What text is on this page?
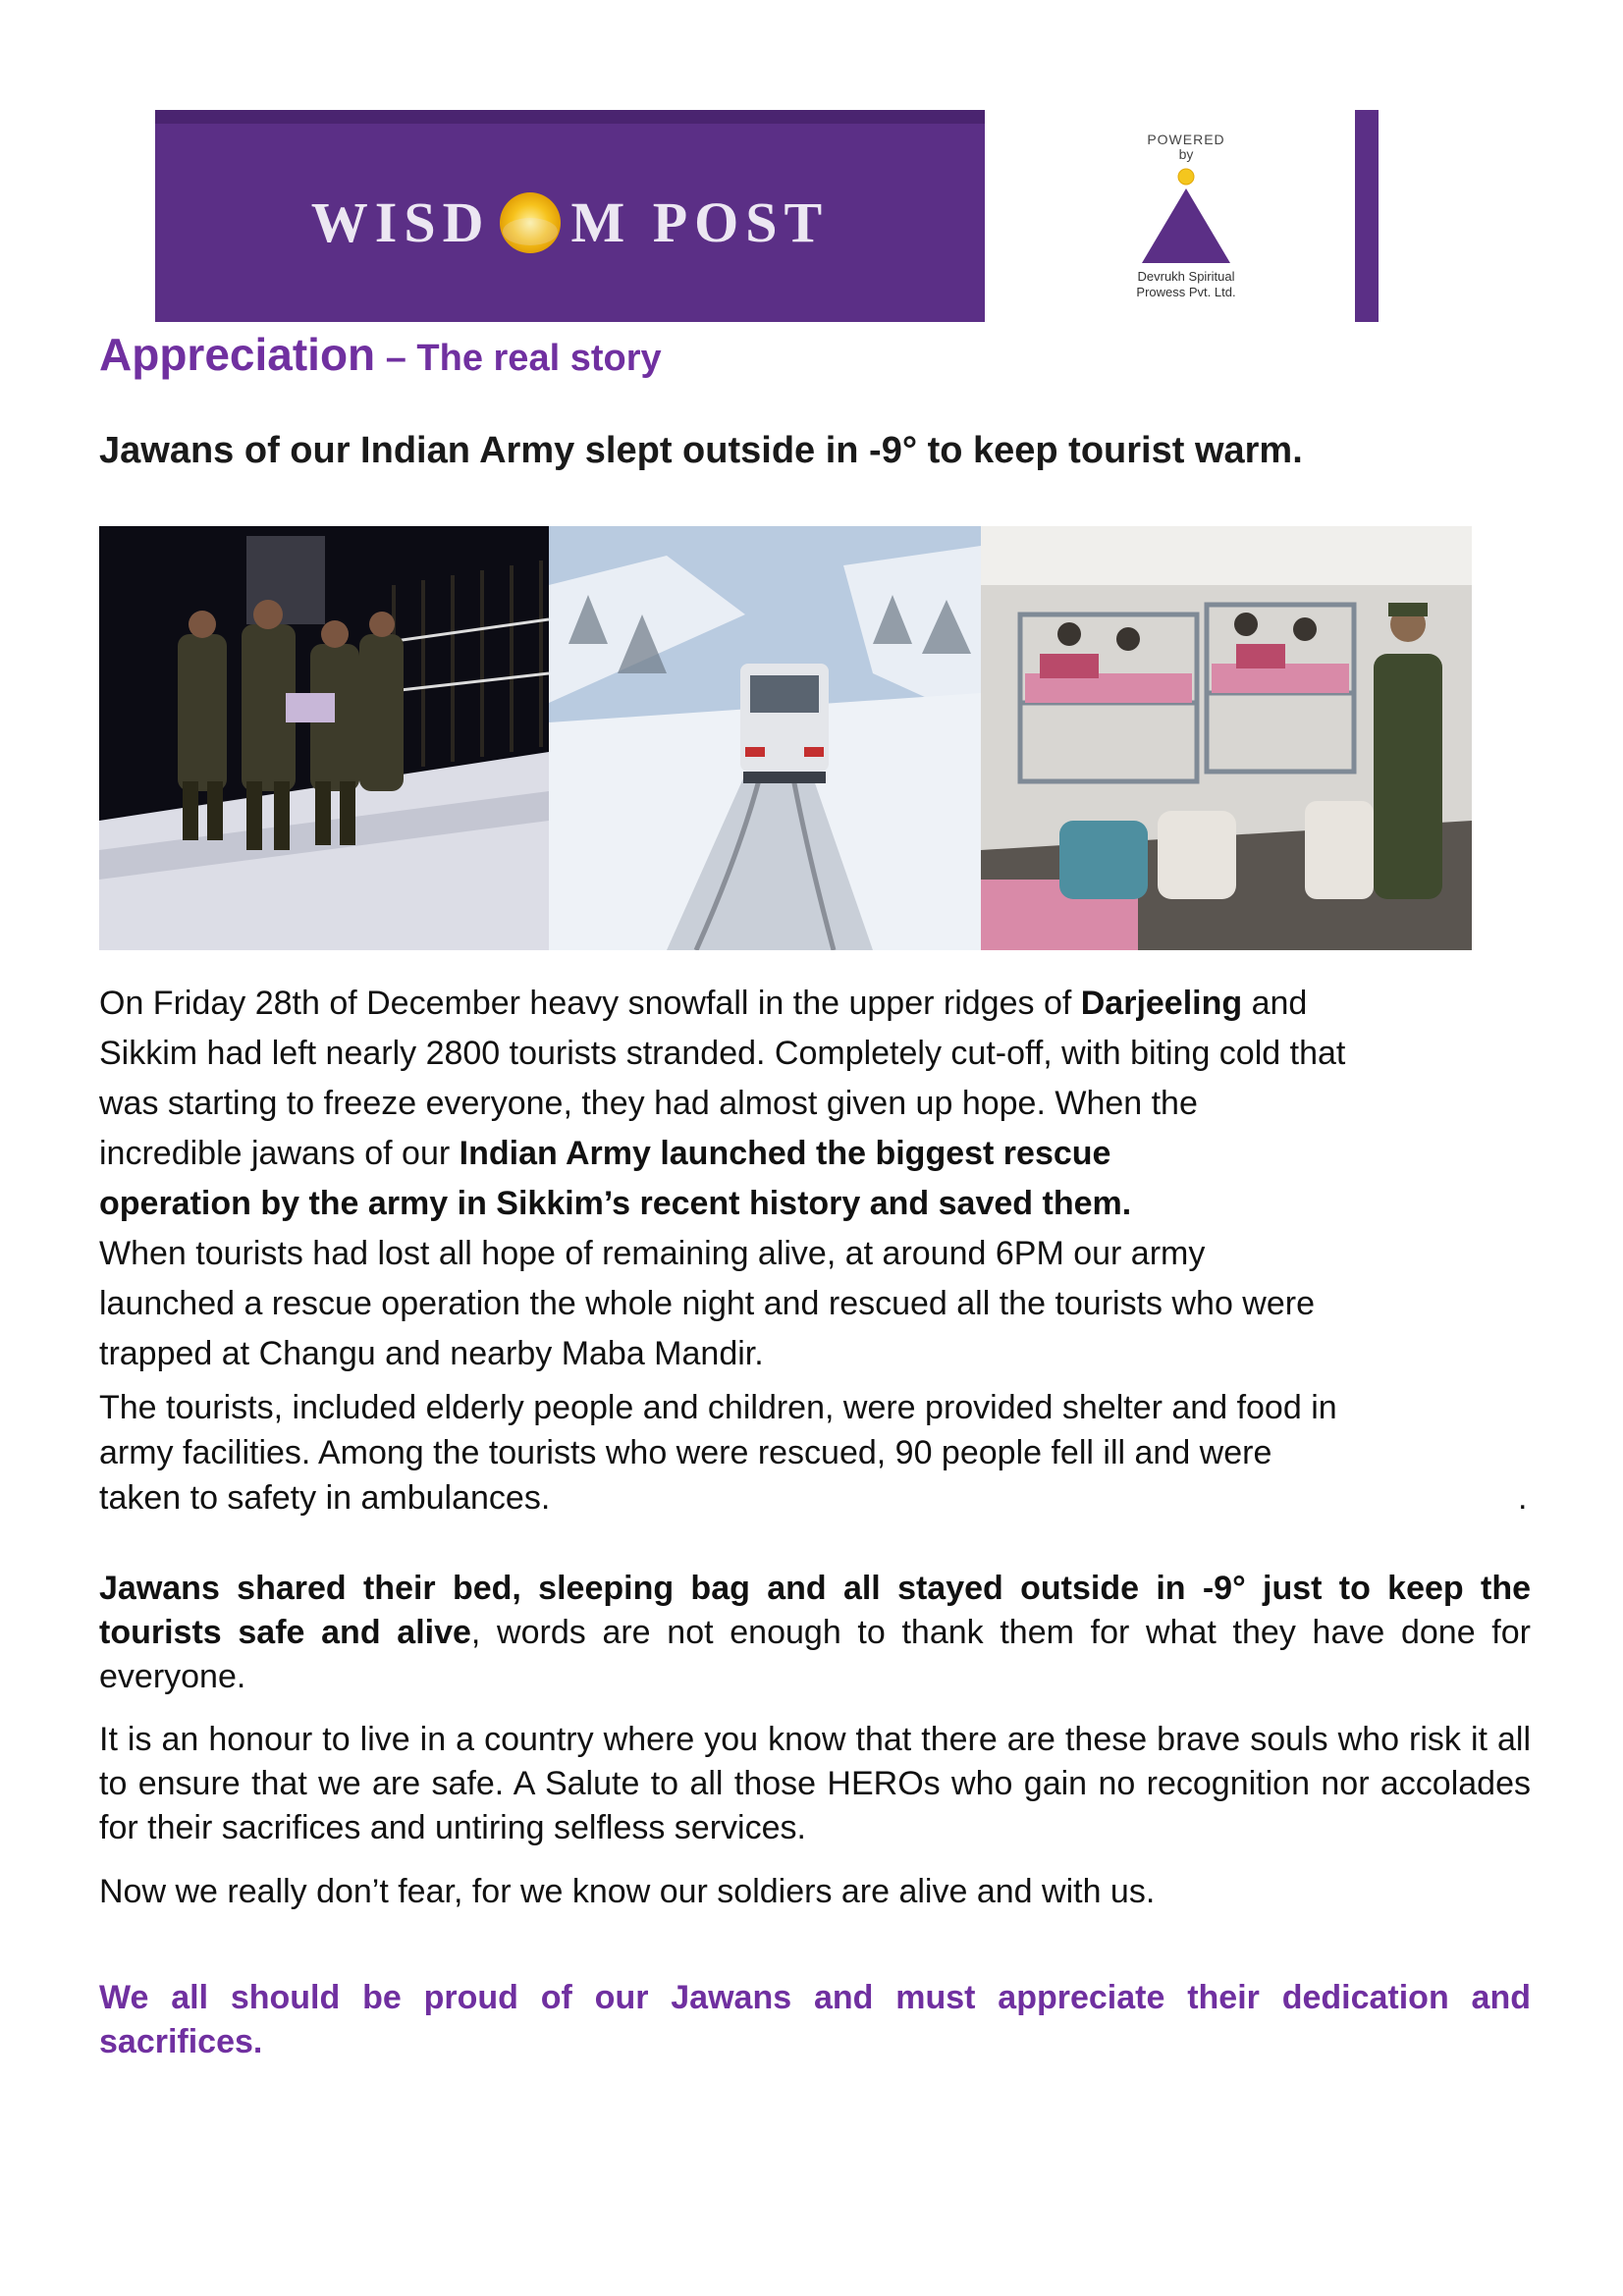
WISD M POST
POWERED
by
Devrukh Spiritual
Prowess Pvt. Ltd.
Appreciation – The real story
Jawans of our Indian Army slept outside in -9° to keep tourist warm.
On Friday 28th of December heavy snowfall in the upper ridges of Darjeeling and
Sikkim had left nearly 2800 tourists stranded. Completely cut-off, with biting cold that
was starting to freeze everyone, they had almost given up hope. When the
incredible jawans of our Indian Army launched the biggest rescue
operation by the army in Sikkim’s recent history and saved them.
When tourists had lost all hope of remaining alive, at around 6PM our army
launched a rescue operation the whole night and rescued all the tourists who were
trapped at Changu and nearby Maba Mandir.
The tourists, included elderly people and children, were provided shelter and food in
army facilities. Among the tourists who were rescued, 90 people fell ill and were
taken to safety in ambulances.	.
Jawans shared their bed, sleeping bag and all stayed outside in -9° just to keep the tourists safe and alive, words are not enough to thank them for what they have done for everyone.
It is an honour to live in a country where you know that there are these brave souls who risk it all to ensure that we are safe. A Salute to all those HEROs who gain no recognition nor accolades for their sacrifices and untiring selfless services.
Now we really don’t fear, for we know our soldiers are alive and with us.
We all should be proud of our Jawans and must appreciate their dedication and sacrifices.
